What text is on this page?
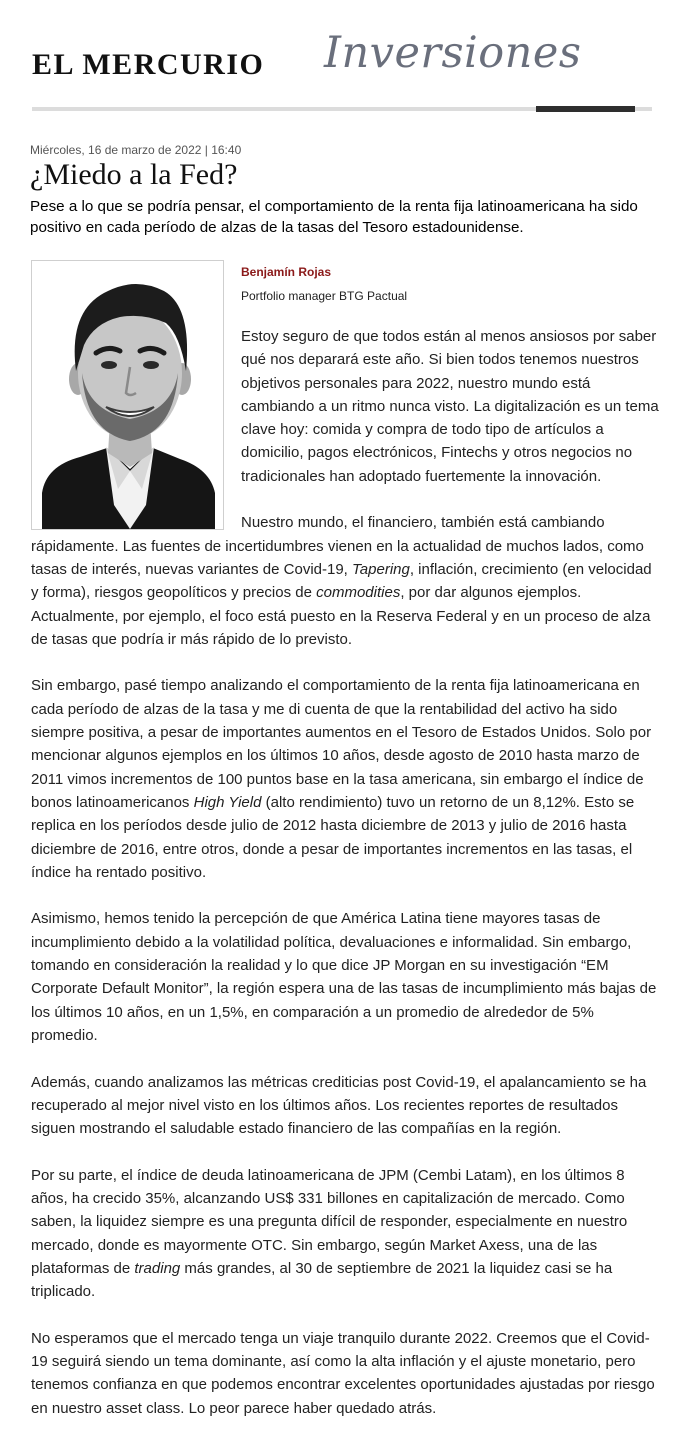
EL MERCURIO Inversiones
Miércoles, 16 de marzo de 2022 | 16:40
¿Miedo a la Fed?
Pese a lo que se podría pensar, el comportamiento de la renta fija latinoamericana ha sido positivo en cada período de alzas de la tasas del Tesoro estadounidense.
Benjamín Rojas
Portfolio manager BTG Pactual

Estoy seguro de que todos están al menos ansiosos por saber qué nos deparará este año. Si bien todos tenemos nuestros objetivos personales para 2022, nuestro mundo está cambiando a un ritmo nunca visto. La digitalización es un tema clave hoy: comida y compra de todo tipo de artículos a domicilio, pagos electrónicos, Fintechs y otros negocios no tradicionales han adoptado fuertemente la innovación.

Nuestro mundo, el financiero, también está cambiando rápidamente. Las fuentes de incertidumbres vienen en la actualidad de muchos lados, como tasas de interés, nuevas variantes de Covid-19, Tapering, inflación, crecimiento (en velocidad y forma), riesgos geopolíticos y precios de commodities, por dar algunos ejemplos. Actualmente, por ejemplo, el foco está puesto en la Reserva Federal y en un proceso de alza de tasas que podría ir más rápido de lo previsto.

Sin embargo, pasé tiempo analizando el comportamiento de la renta fija latinoamericana en cada período de alzas de la tasa y me di cuenta de que la rentabilidad del activo ha sido siempre positiva, a pesar de importantes aumentos en el Tesoro de Estados Unidos. Solo por mencionar algunos ejemplos en los últimos 10 años, desde agosto de 2010 hasta marzo de 2011 vimos incrementos de 100 puntos base en la tasa americana, sin embargo el índice de bonos latinoamericanos High Yield (alto rendimiento) tuvo un retorno de un 8,12%. Esto se replica en los períodos desde julio de 2012 hasta diciembre de 2013 y julio de 2016 hasta diciembre de 2016, entre otros, donde a pesar de importantes incrementos en las tasas, el índice ha rentado positivo.

Asimismo, hemos tenido la percepción de que América Latina tiene mayores tasas de incumplimiento debido a la volatilidad política, devaluaciones e informalidad. Sin embargo, tomando en consideración la realidad y lo que dice JP Morgan en su investigación “EM Corporate Default Monitor”, la región espera una de las tasas de incumplimiento más bajas de los últimos 10 años, en un 1,5%, en comparación a un promedio de alrededor de 5% promedio.

Además, cuando analizamos las métricas crediticias post Covid-19, el apalancamiento se ha recuperado al mejor nivel visto en los últimos años. Los recientes reportes de resultados siguen mostrando el saludable estado financiero de las compañías en la región.

Por su parte, el índice de deuda latinoamericana de JPM (Cembi Latam), en los últimos 8 años, ha crecido 35%, alcanzando US$ 331 billones en capitalización de mercado. Como saben, la liquidez siempre es una pregunta difícil de responder, especialmente en nuestro mercado, donde es mayormente OTC. Sin embargo, según Market Axess, una de las plataformas de trading más grandes, al 30 de septiembre de 2021 la liquidez casi se ha triplicado.

No esperamos que el mercado tenga un viaje tranquilo durante 2022. Creemos que el Covid-19 seguirá siendo un tema dominante, así como la alta inflación y el ajuste monetario, pero tenemos confianza en que podemos encontrar excelentes oportunidades ajustadas por riesgo en nuestro asset class. Lo peor parece haber quedado atrás.
